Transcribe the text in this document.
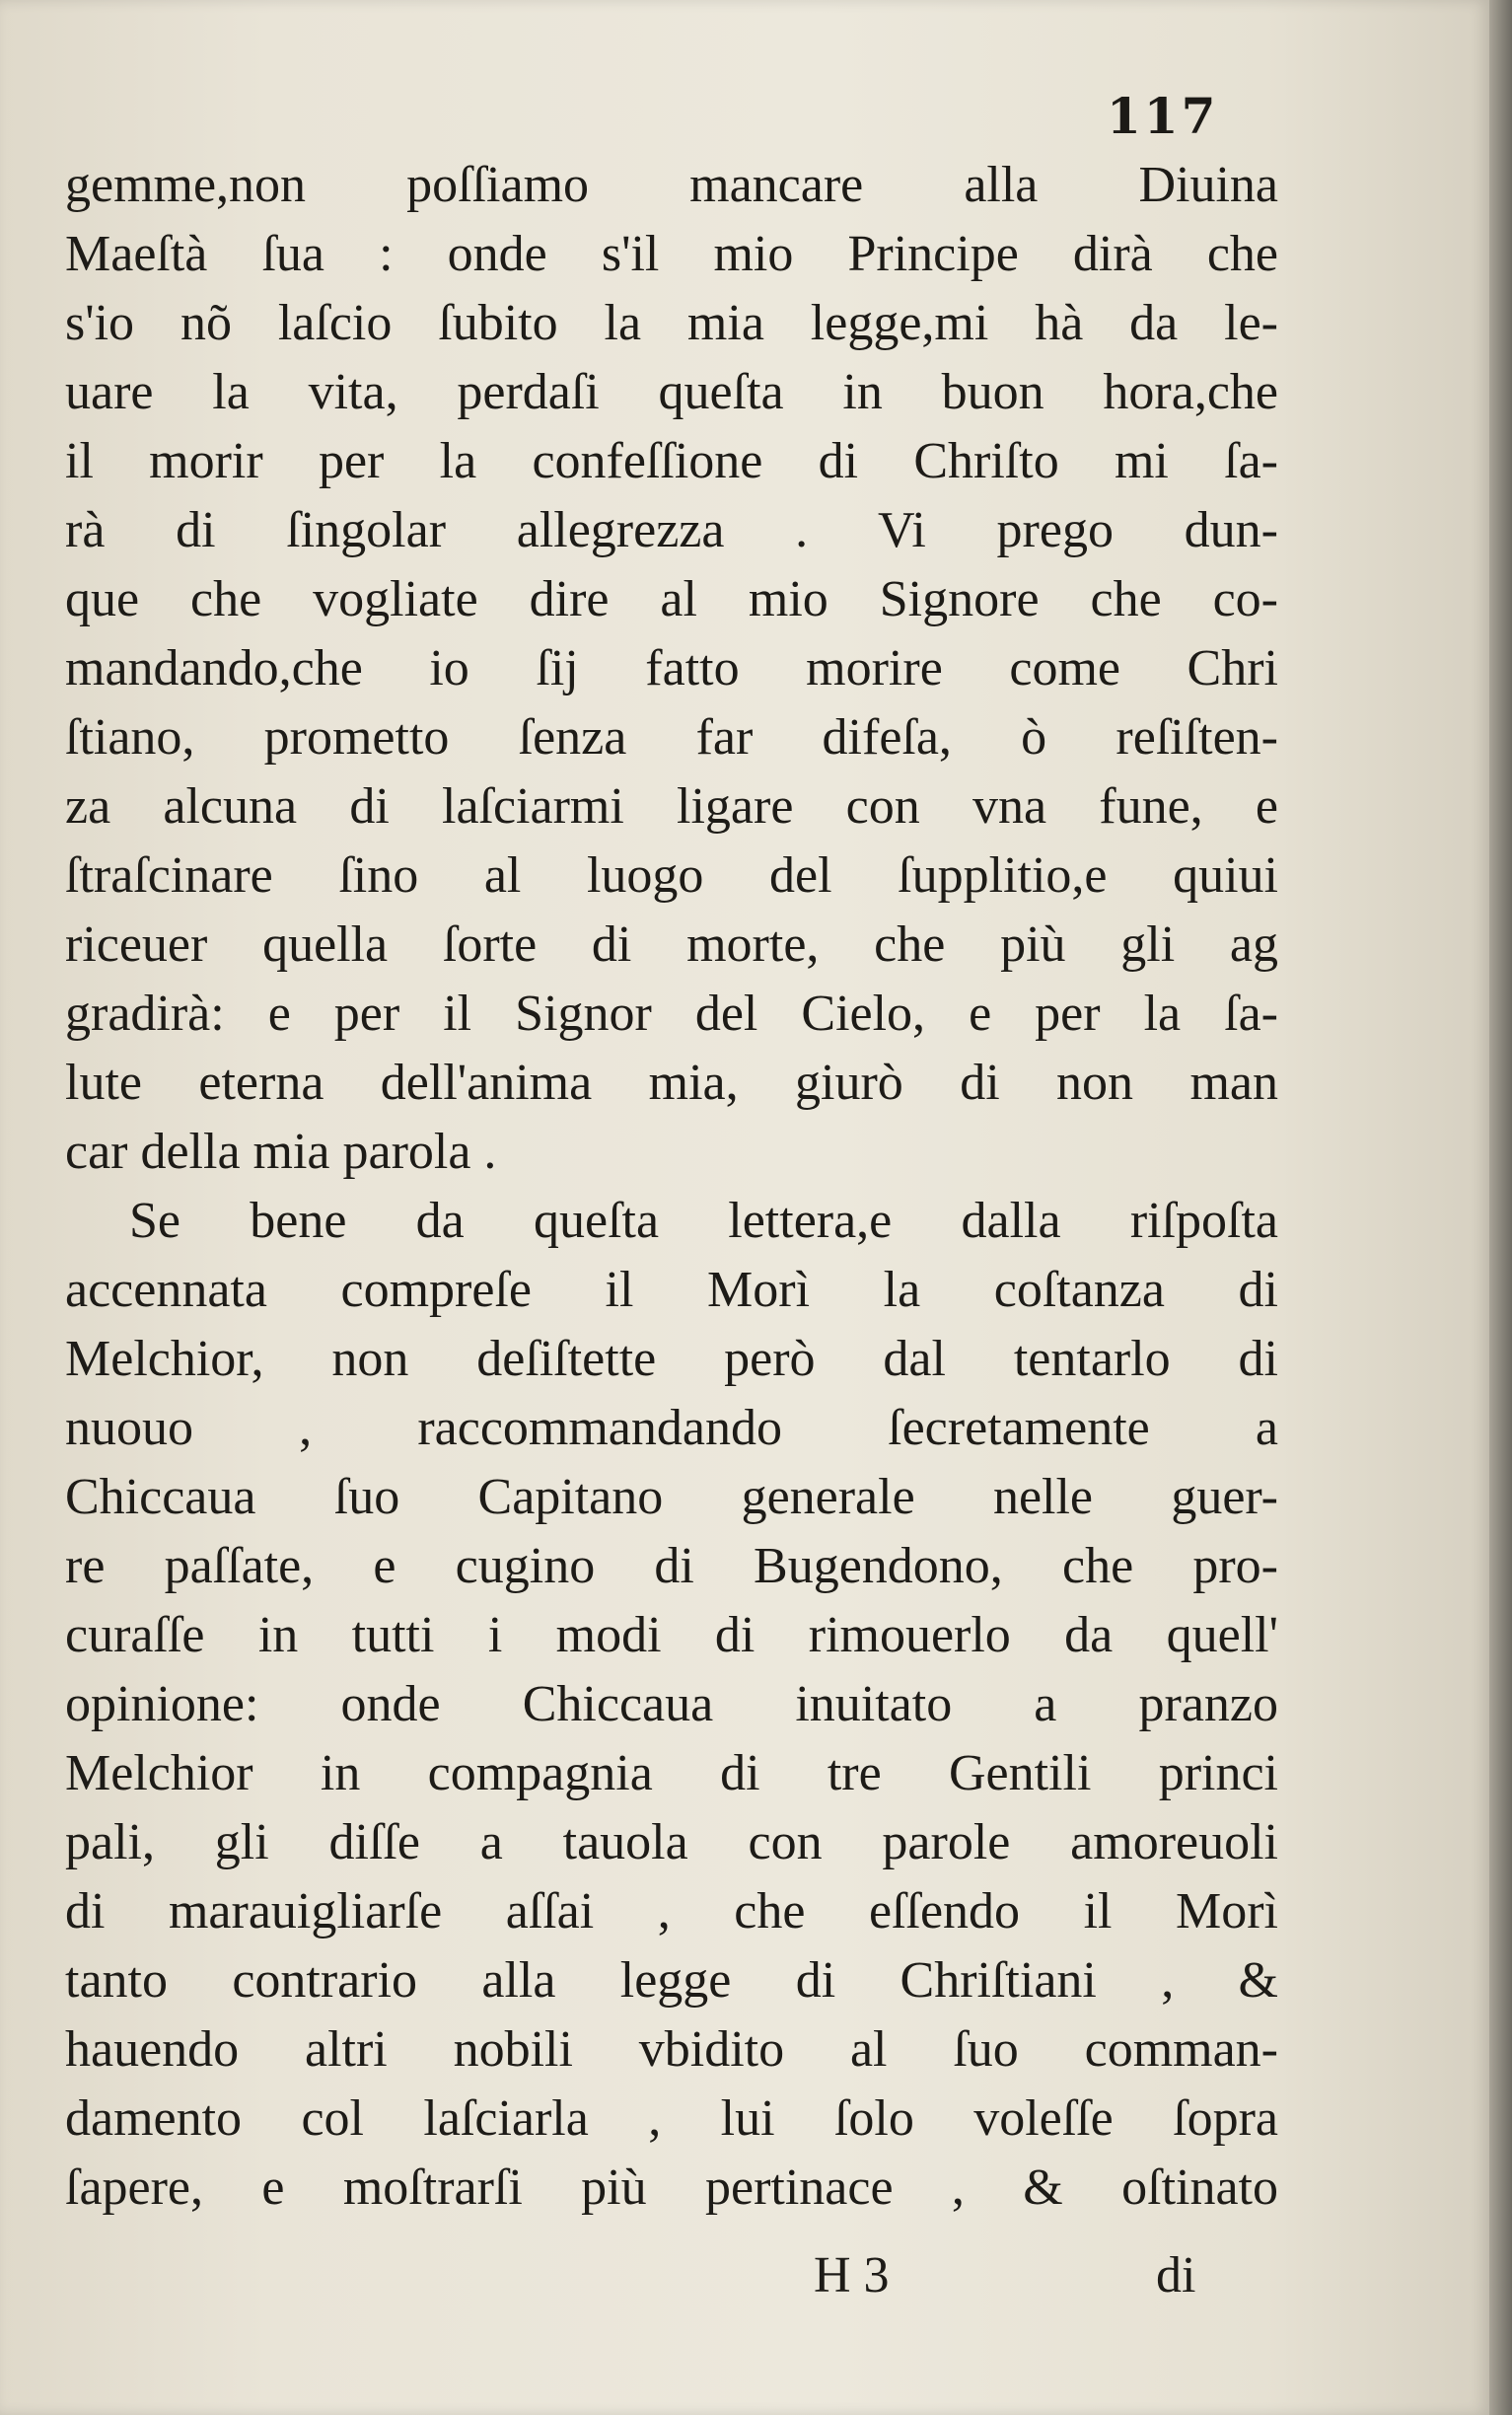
117
gemme,non poſſiamo mancare alla Diuina
Maeſtà ſua : onde s'il mio Principe dirà che
s'io nõ laſcio ſubito la mia legge,mi hà da le-
uare la vita, perdaſi queſta in buon hora,che
il morir per la confeſſione di Chriſto mi ſa-
rà di ſingolar allegrezza . Vi prego dun-
que che vogliate dire al mio Signore che co-
mandando,che io ſij fatto morire come Chri
ſtiano, prometto ſenza far difeſa, ò reſiſten-
za alcuna di laſciarmi ligare con vna fune, e
ſtraſcinare ſino al luogo del ſupplitio,e quiui
riceuer quella ſorte di morte, che più gli ag
gradirà: e per il Signor del Cielo, e per la ſa-
lute eterna dell'anima mia, giurò di non man
car della mia parola .
Se bene da queſta lettera,e dalla riſpoſta
accennata compreſe il Morì la coſtanza di
Melchior, non deſiſtette però dal tentarlo di
nuouo , raccommandando ſecretamente a
Chiccaua ſuo Capitano generale nelle guer-
re paſſate, e cugino di Bugendono, che pro-
curaſſe in tutti i modi di rimouerlo da quell'
opinione: onde Chiccaua inuitato a pranzo
Melchior in compagnia di tre Gentili princi
pali, gli diſſe a tauola con parole amoreuoli
di marauigliarſe aſſai , che eſſendo il Morì
tanto contrario alla legge di Chriſtiani , &
hauendo altri nobili vbidito al ſuo comman-
damento col laſciarla , lui ſolo voleſſe ſopra
ſapere, e moſtrarſi più pertinace , & oſtinato
H 3	di
